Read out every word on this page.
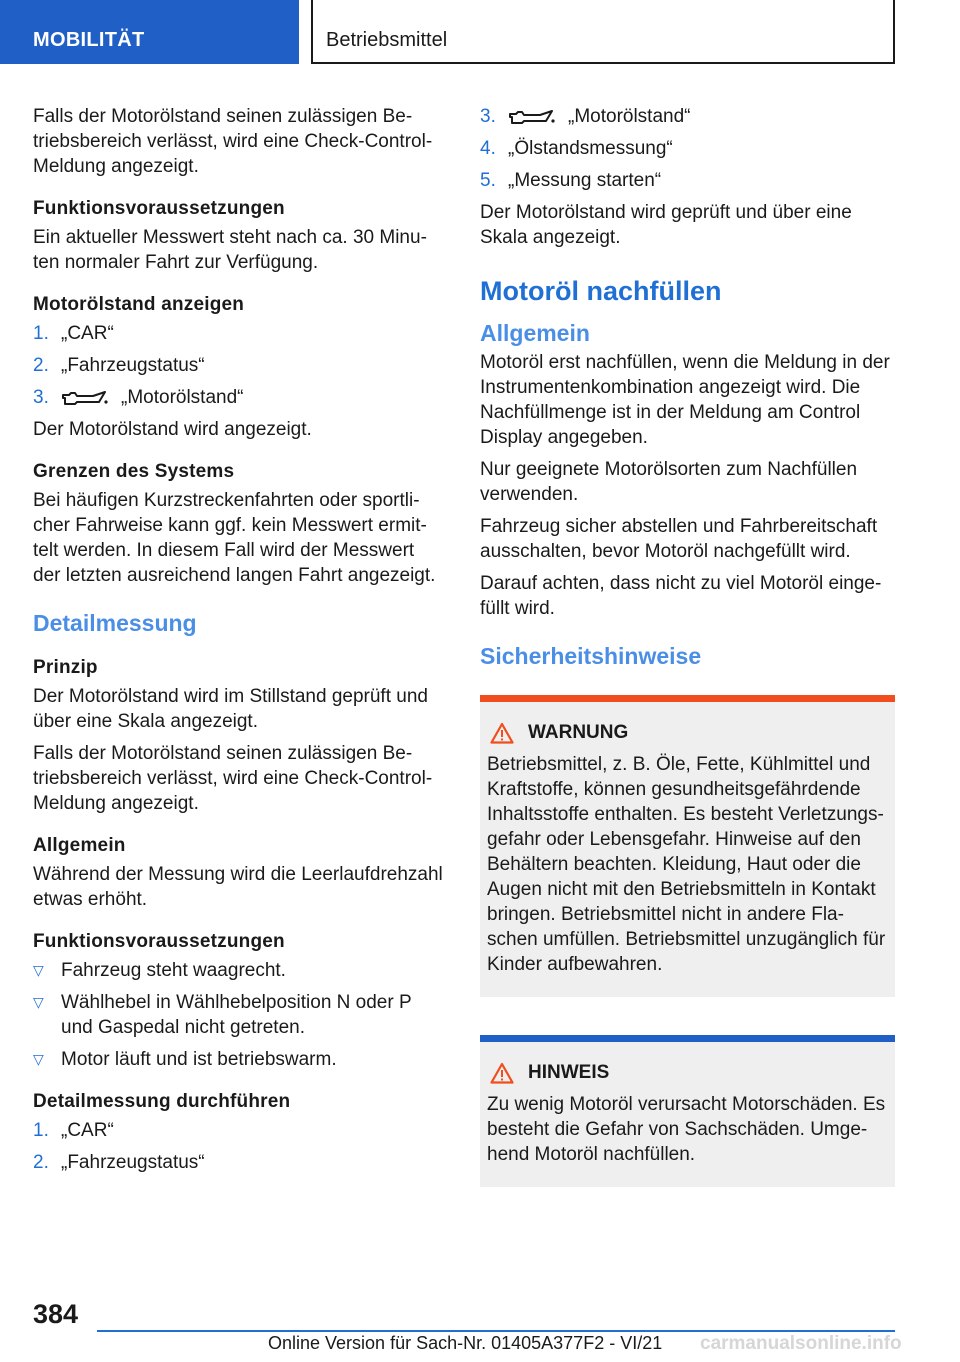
MOBILITÄT	Betriebsmittel

Falls der Motorölstand seinen zulässigen Betriebsbereich verlässt, wird eine Check-Control-Meldung angezeigt.

Funktionsvoraussetzungen

Ein aktueller Messwert steht nach ca. 30 Minuten normaler Fahrt zur Verfügung.

Motorölstand anzeigen
1. „CAR“
2. „Fahrzeugstatus“
3.	„Motorölstand“

Der Motorölstand wird angezeigt.

Grenzen des Systems

Bei häufigen Kurzstreckenfahrten oder sportlicher Fahrweise kann ggf. kein Messwert ermittelt werden. In diesem Fall wird der Messwert der letzten ausreichend langen Fahrt angezeigt.

Detailmessung
Prinzip

Der Motorölstand wird im Stillstand geprüft und über eine Skala angezeigt.

Falls der Motorölstand seinen zulässigen Betriebsbereich verlässt, wird eine Check-Control-Meldung angezeigt.

Allgemein

Während der Messung wird die Leerlaufdrehzahl etwas erhöht.

Funktionsvoraussetzungen
▽ Fahrzeug steht waagrecht.
▽ Wählhebel in Wählhebelposition N oder P und Gaspedal nicht getreten.
▽ Motor läuft und ist betriebswarm.
Detailmessung durchführen
1. „CAR“
2. „Fahrzeugstatus“
3.	„Motorölstand“
4. „Ölstandsmessung“
5. „Messung starten“

Der Motorölstand wird geprüft und über eine Skala angezeigt.

Motoröl nachfüllen
Allgemein

Motoröl erst nachfüllen, wenn die Meldung in der Instrumentenkombination angezeigt wird. Die Nachfüllmenge ist in der Meldung am Control Display angegeben.

Nur geeignete Motorölsorten zum Nachfüllen verwenden.

Fahrzeug sicher abstellen und Fahrbereitschaft ausschalten, bevor Motoröl nachgefüllt wird.

Darauf achten, dass nicht zu viel Motoröl eingefüllt wird.

Sicherheitshinweise
WARNUNG

Betriebsmittel, z. B. Öle, Fette, Kühlmittel und Kraftstoffe, können gesundheitsgefährdende Inhaltsstoffe enthalten. Es besteht Verletzungsgefahr oder Lebensgefahr. Hinweise auf den Behältern beachten. Kleidung, Haut oder die Augen nicht mit den Betriebsmitteln in Kontakt bringen. Betriebsmittel nicht in andere Flaschen umfüllen. Betriebsmittel unzugänglich für Kinder aufbewahren.

HINWEIS

Zu wenig Motoröl verursacht Motorschäden. Es besteht die Gefahr von Sachschäden. Umgehend Motoröl nachfüllen.

384
Online Version für Sach-Nr. 01405A377F2 - VI/21 carmanualsonline.info
